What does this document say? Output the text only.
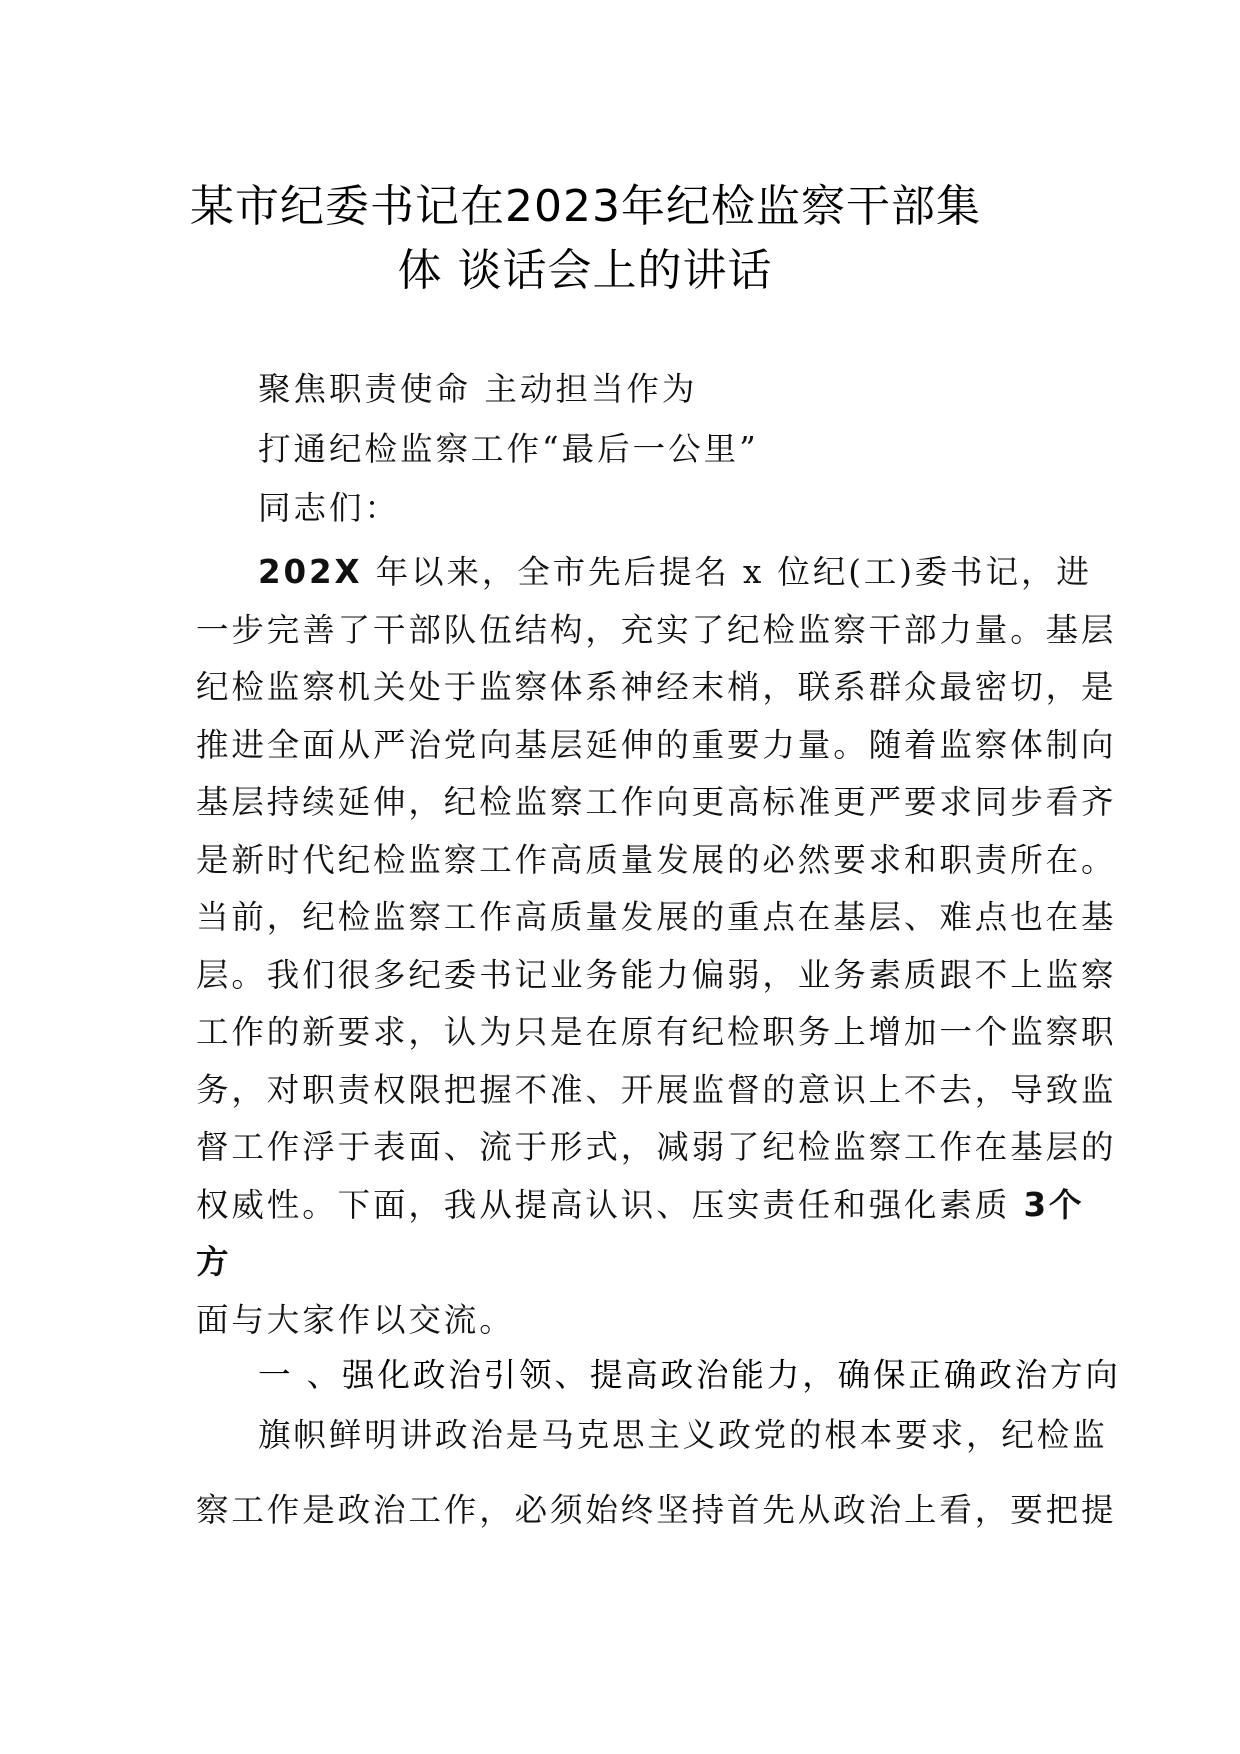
某市纪委书记在2023年纪检监察干部集
体 谈话会上的讲话
聚焦职责使命 主动担当作为
打通纪检监察工作“最后一公里”
同志们：
202X 年以来，全市先后提名 x 位纪(工)委书记，进
一步完善了干部队伍结构，充实了纪检监察干部力量。基层
纪检监察机关处于监察体系神经末梢，联系群众最密切，是
推进全面从严治党向基层延伸的重要力量。随着监察体制向
基层持续延伸，纪检监察工作向更高标准更严要求同步看齐
是新时代纪检监察工作高质量发展的必然要求和职责所在。
当前，纪检监察工作高质量发展的重点在基层、难点也在基
层。我们很多纪委书记业务能力偏弱，业务素质跟不上监察
工作的新要求，认为只是在原有纪检职务上增加一个监察职
务，对职责权限把握不准、开展监督的意识上不去，导致监
督工作浮于表面、流于形式，减弱了纪检监察工作在基层的
权威性。下面，我从提高认识、压实责任和强化素质 3个
方
面与大家作以交流。
一 、强化政治引领、提高政治能力，确保正确政治方向
旗帜鲜明讲政治是马克思主义政党的根本要求，纪检监
察工作是政治工作，必须始终坚持首先从政治上看，要把提
